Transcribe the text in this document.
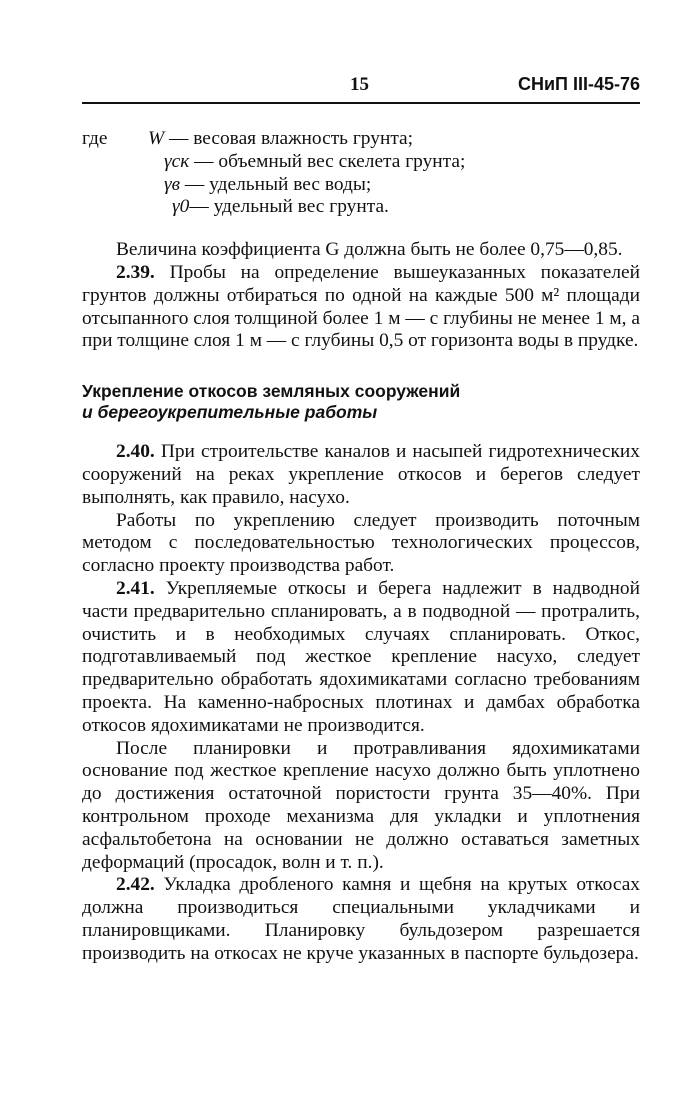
15	СНиП III-45-76
где	W — весовая влажность грунта;
γск — объемный вес скелета грунта;
γв — удельный вес воды;
γ0— удельный вес грунта.

Величина коэффициента G должна быть не более 0,75—0,85.

2.39. Пробы на определение вышеуказанных показателей грунтов должны отбираться по одной на каждые 500 м² площади отсыпанного слоя толщиной более 1 м — с глубины не менее 1 м, а при толщине слоя 1 м — с глубины 0,5 от горизонта воды в прудке.

Укрепление откосов земляных сооружений
и берегоукрепительные работы

2.40. При строительстве каналов и насыпей гидротехнических сооружений на реках укрепление откосов и берегов следует выполнять, как правило, насухо.

Работы по укреплению следует производить поточным методом с последовательностью технологических процессов, согласно проекту производства работ.

2.41. Укрепляемые откосы и берега надлежит в надводной части предварительно спланировать, а в подводной — протралить, очистить и в необходимых случаях спланировать. Откос, подготавливаемый под жесткое крепление насухо, следует предварительно обработать ядохимикатами согласно требованиям проекта. На каменно-набросных плотинах и дамбах обработка откосов ядохимикатами не производится.

После планировки и протравливания ядохимикатами основание под жесткое крепление насухо должно быть уплотнено до достижения остаточной пористости грунта 35—40%. При контрольном проходе механизма для укладки и уплотнения асфальтобетона на основании не должно оставаться заметных деформаций (просадок, волн и т. п.).

2.42. Укладка дробленого камня и щебня на крутых откосах должна производиться специальными укладчиками и планировщиками. Планировку бульдозером разрешается производить на откосах не круче указанных в паспорте бульдозера.
